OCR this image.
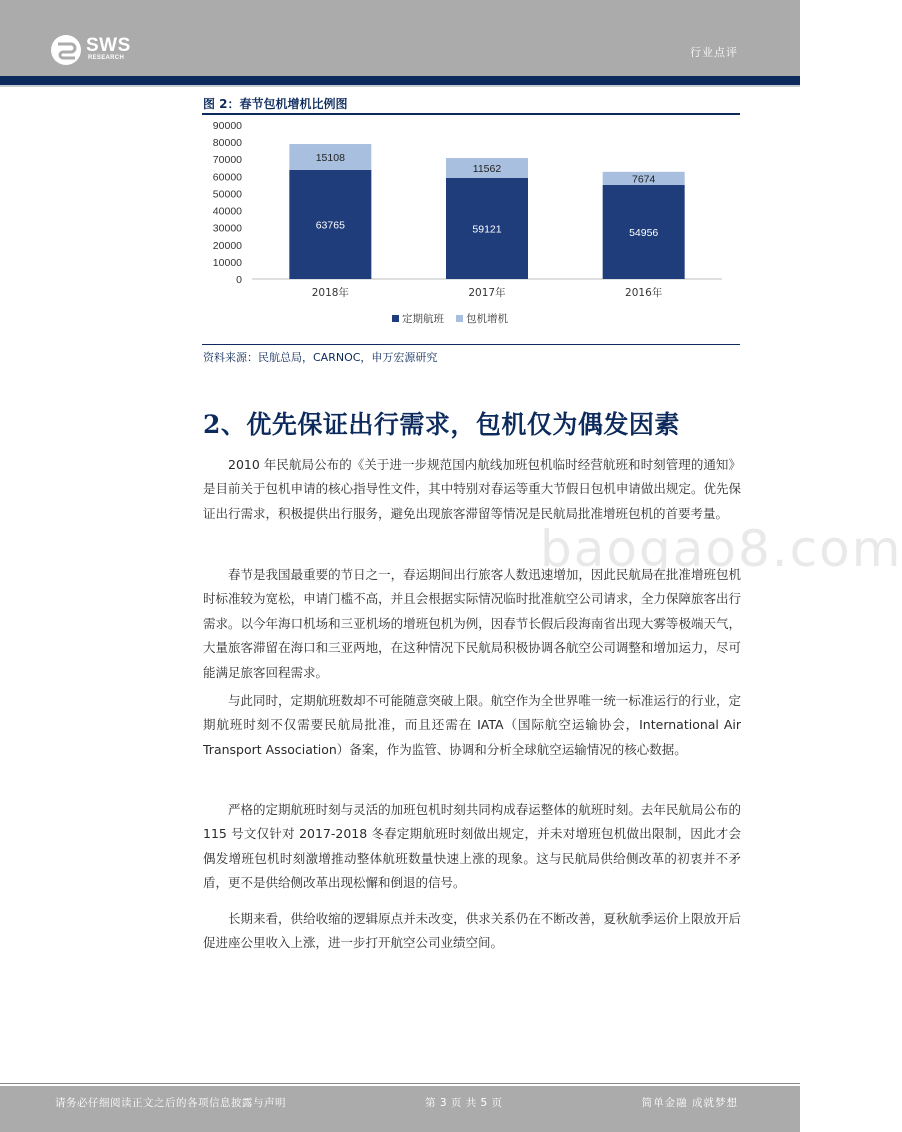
SWS
RESEARCH	行业点评
图 2：春节包机增机比例图
0
10000
20000
30000
40000
50000
60000
70000
80000
90000
63765
15108
2018年
59121
11562
2017年
54956
7674
2016年
定期航班 包机增机
资料来源：民航总局，CARNOC，申万宏源研究
baogao8.com
2、优先保证出行需求，包机仅为偶发因素

2010 年民航局公布的《关于进一步规范国内航线加班包机临时经营航班和时刻管理的通知》是目前关于包机申请的核心指导性文件，其中特别对春运等重大节假日包机申请做出规定。优先保证出行需求，积极提供出行服务，避免出现旅客滞留等情况是民航局批准增班包机的首要考量。

春节是我国最重要的节日之一，春运期间出行旅客人数迅速增加，因此民航局在批准增班包机时标准较为宽松，申请门槛不高，并且会根据实际情况临时批准航空公司请求，全力保障旅客出行需求。以今年海口机场和三亚机场的增班包机为例，因春节长假后段海南省出现大雾等极端天气，大量旅客滞留在海口和三亚两地，在这种情况下民航局积极协调各航空公司调整和增加运力，尽可能满足旅客回程需求。

与此同时，定期航班数却不可能随意突破上限。航空作为全世界唯一统一标准运行的行业，定期航班时刻不仅需要民航局批准，而且还需在 IATA（国际航空运输协会，International Air Transport Association）备案，作为监管、协调和分析全球航空运输情况的核心数据。

严格的定期航班时刻与灵活的加班包机时刻共同构成春运整体的航班时刻。去年民航局公布的 115 号文仅针对 2017-2018 冬春定期航班时刻做出规定，并未对增班包机做出限制，因此才会偶发增班包机时刻激增推动整体航班数量快速上涨的现象。这与民航局供给侧改革的初衷并不矛盾，更不是供给侧改革出现松懈和倒退的信号。

长期来看，供给收缩的逻辑原点并未改变，供求关系仍在不断改善，夏秋航季运价上限放开后促进座公里收入上涨，进一步打开航空公司业绩空间。

请务必仔细阅读正文之后的各项信息披露与声明	第 3 页 共 5 页	简单金融 成就梦想
